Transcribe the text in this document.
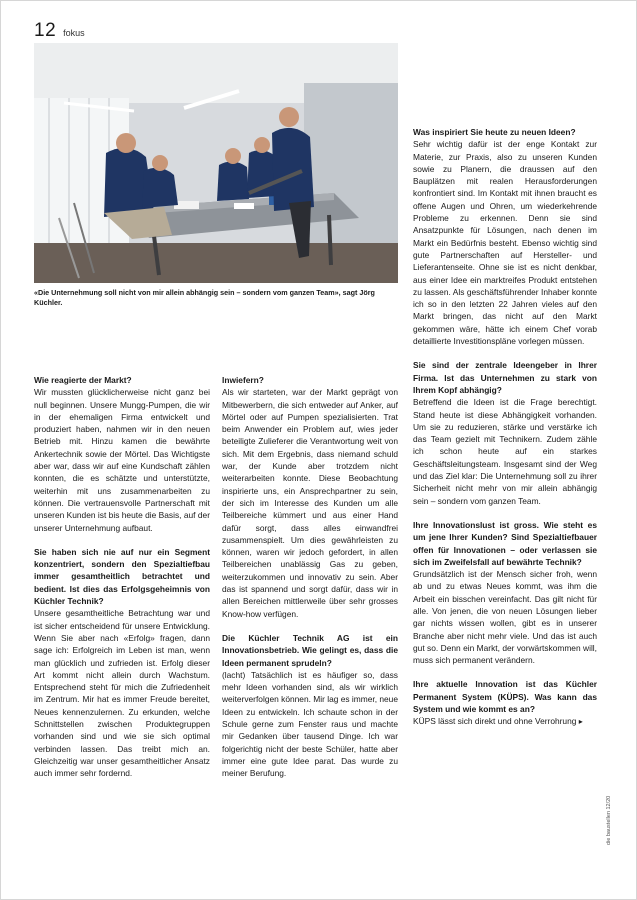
12 fokus
«Die Unternehmung soll nicht von mir allein abhängig sein – sondern vom ganzen Team», sagt Jörg Küchler.

Wie reagierte der Markt?

Wir mussten glücklicherweise nicht ganz bei null beginnen. Unsere Mungg-Pumpen, die wir in der ehemaligen Firma entwickelt und produziert haben, nahmen wir in den neuen Betrieb mit. Hinzu kamen die bewährte Ankertechnik sowie der Mörtel. Das Wichtigste aber war, dass wir auf eine Kundschaft zählen konnten, die es schätzte und unterstützte, weiterhin mit uns zusammenarbeiten zu können. Die vertrauensvolle Partnerschaft mit unseren Kunden ist bis heute die Basis, auf der unserer Unternehmung aufbaut.

Sie haben sich nie auf nur ein Segment konzentriert, sondern den Spezialtiefbau immer gesamtheitlich betrachtet und bedient. Ist dies das Erfolgsgeheimnis von Küchler Technik?

Unsere gesamtheitliche Betrachtung war und ist sicher entscheidend für unsere Entwicklung. Wenn Sie aber nach «Erfolg» fragen, dann sage ich: Erfolgreich im Leben ist man, wenn man glücklich und zufrieden ist. Erfolg dieser Art kommt nicht allein durch Wachstum. Entsprechend steht für mich die Zufriedenheit im Zentrum. Mir hat es immer Freude bereitet, Neues kennenzulernen. Zu erkunden, welche Schnittstellen zwischen Produktegruppen vorhanden sind und wie sie sich optimal verbinden lassen. Das treibt mich an. Gleichzeitig war unser gesamtheitlicher Ansatz auch immer sehr fordernd.

Inwiefern?

Als wir starteten, war der Markt geprägt von Mitbewerbern, die sich entweder auf Anker, auf Mörtel oder auf Pumpen spezialisierten. Trat beim Anwender ein Problem auf, wies jeder beteiligte Zulieferer die Verantwortung weit von sich. Mit dem Ergebnis, dass niemand schuld war, der Kunde aber trotzdem nicht weiterarbeiten konnte. Diese Beobachtung inspirierte uns, ein Ansprechpartner zu sein, der sich im Interesse des Kunden um alle Teilbereiche kümmert und aus einer Hand dafür sorgt, dass alles einwandfrei zusammenspielt. Um dies gewährleisten zu können, waren wir jedoch gefordert, in allen Teilbereichen unablässig Gas zu geben, weiterzukommen und innovativ zu sein. Aber das ist spannend und sorgt dafür, dass wir in allen Bereichen mittlerweile über sehr grosses Know-how verfügen.

Die Küchler Technik AG ist ein Innovationsbetrieb. Wie gelingt es, dass die Ideen permanent sprudeln?

(lacht) Tatsächlich ist es häufiger so, dass mehr Ideen vorhanden sind, als wir wirklich weiterverfolgen können. Mir lag es immer, neue Ideen zu entwickeln. Ich schaute schon in der Schule gerne zum Fenster raus und machte mir Gedanken über tausend Dinge. Ich war folgerichtig nicht der beste Schüler, hatte aber immer eine gute Idee parat. Das wurde zu meiner Berufung.

Was inspiriert Sie heute zu neuen Ideen?

Sehr wichtig dafür ist der enge Kontakt zur Materie, zur Praxis, also zu unseren Kunden sowie zu Planern, die draussen auf den Bauplätzen mit realen Herausforderungen konfrontiert sind. Im Kontakt mit ihnen braucht es offene Augen und Ohren, um wiederkehrende Probleme zu erkennen. Denn sie sind Ansatzpunkte für Lösungen, nach denen im Markt ein Bedürfnis besteht. Ebenso wichtig sind gute Partnerschaften auf Hersteller- und Lieferantenseite. Ohne sie ist es nicht denkbar, aus einer Idee ein marktreifes Produkt entstehen zu lassen. Als geschäftsführender Inhaber konnte ich so in den letzten 22 Jahren vieles auf den Markt bringen, das nicht auf den Markt gekommen wäre, hätte ich einem Chef vorab detaillierte Investitionspläne vorlegen müssen.

Sie sind der zentrale Ideengeber in Ihrer Firma. Ist das Unternehmen zu stark von Ihrem Kopf abhängig?

Betreffend die Ideen ist die Frage berechtigt. Stand heute ist diese Abhängigkeit vorhanden. Um sie zu reduzieren, stärke und verstärke ich das Team gezielt mit Technikern. Zudem zähle ich schon heute auf ein starkes Geschäftsleitungsteam. Insgesamt sind der Weg und das Ziel klar: Die Unternehmung soll zu ihrer Sicherheit nicht mehr von mir allein abhängig sein – sondern vom ganzen Team.

Ihre Innovationslust ist gross. Wie steht es um jene Ihrer Kunden? Sind Spezialtiefbauer offen für Innovationen – oder verlassen sie sich im Zweifelsfall auf bewährte Technik?

Grundsätzlich ist der Mensch sicher froh, wenn ab und zu etwas Neues kommt, was ihm die Arbeit ein bisschen vereinfacht. Das gilt nicht für alle. Von jenen, die von neuen Lösungen lieber gar nichts wissen wollen, gibt es in unserer Branche aber nicht mehr viele. Und das ist auch gut so. Denn ein Markt, der vorwärtskommen will, muss sich permanent verändern.

Ihre aktuelle Innovation ist das Küchler Permanent System (KÜPS). Was kann das System und wie kommt es an?

KÜPS lässt sich direkt und ohne Verrohrung ▸

die baustellen 12/20
